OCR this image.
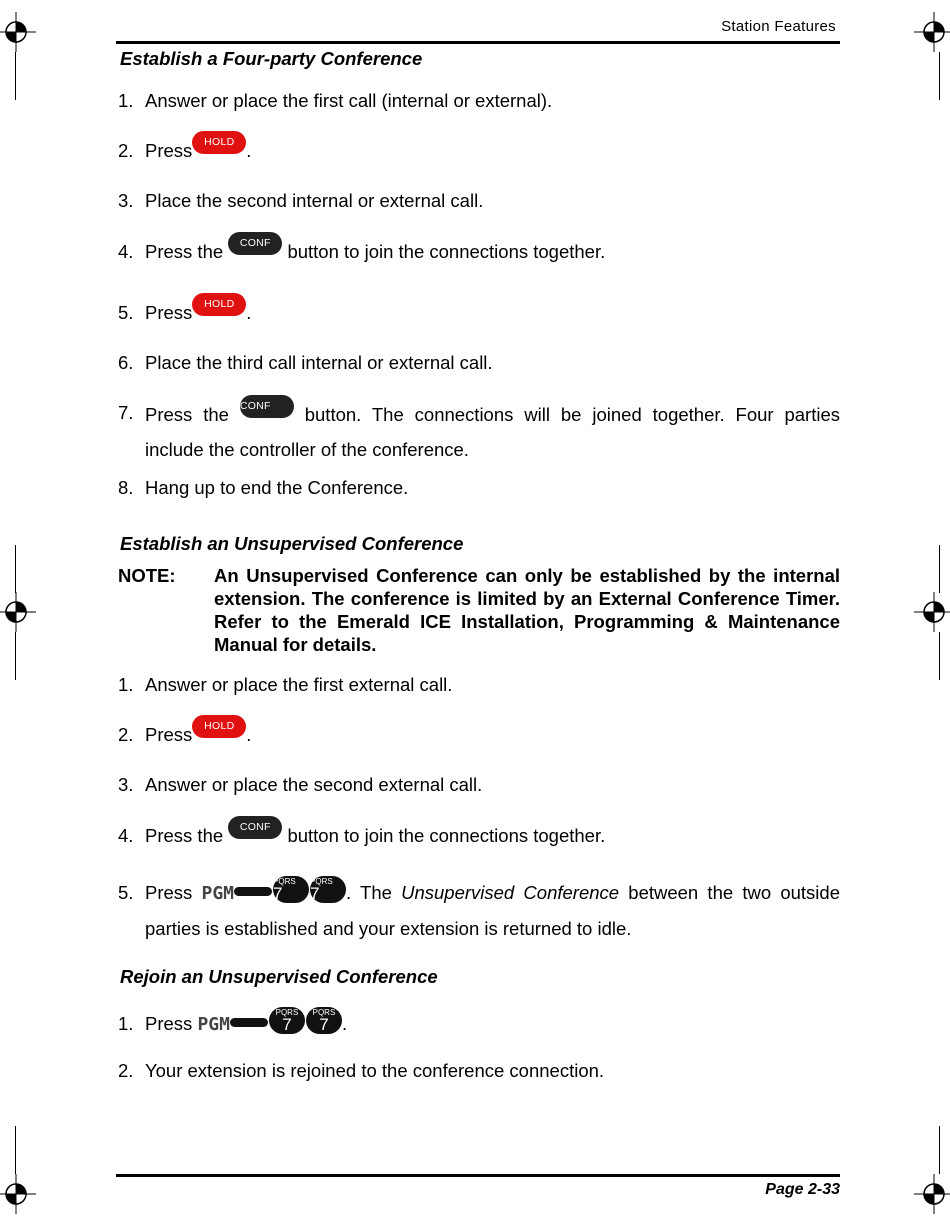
Station Features
Establish a Four-party Conference
1. Answer or place the first call (internal or external).
2. Press HOLD .
3. Place the second internal or external call.
4. Press the CONF button to join the connections together.
5. Press HOLD .
6. Place the third call internal or external call.
7. Press the CONF button. The connections will be joined together. Four parties include the controller of the conference.
8. Hang up to end the Conference.
Establish an Unsupervised Conference
NOTE: An Unsupervised Conference can only be established by the internal extension. The conference is limited by an External Conference Timer. Refer to the Emerald ICE Installation, Programming & Maintenance Manual for details.
1. Answer or place the first external call.
2. Press HOLD .
3. Answer or place the second external call.
4. Press the CONF button to join the connections together.
5. Press PGM
PQRS
7
PQRS
7	. The Unsupervised Conference between the two outside parties is established and your extension is returned to idle.
Rejoin an Unsupervised Conference
1. Press PGM
PQRS
7
PQRS
7 .
2. Your extension is rejoined to the conference connection.
Page 2-33
